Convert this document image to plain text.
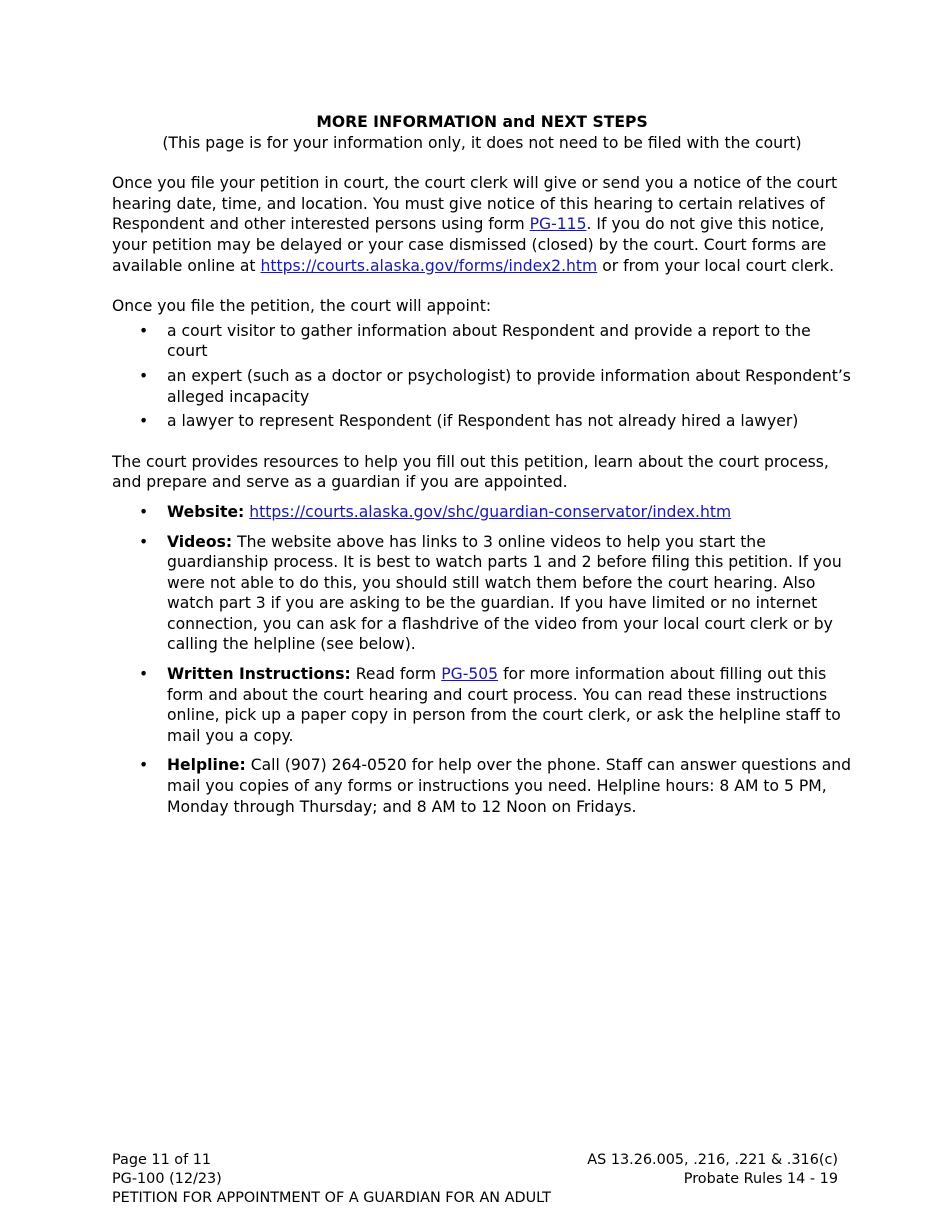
MORE INFORMATION and NEXT STEPS

(This page is for your information only, it does not need to be filed with the court)

Once you file your petition in court, the court clerk will give or send you a notice of the court hearing date, time, and location. You must give notice of this hearing to certain relatives of Respondent and other interested persons using form PG-115. If you do not give this notice, your petition may be delayed or your case dismissed (closed) by the court. Court forms are available online at https://courts.alaska.gov/forms/index2.htm or from your local court clerk.

Once you file the petition, the court will appoint:

• a court visitor to gather information about Respondent and provide a report to the court
• an expert (such as a doctor or psychologist) to provide information about Respondent’s alleged incapacity
• a lawyer to represent Respondent (if Respondent has not already hired a lawyer)

The court provides resources to help you fill out this petition, learn about the court process, and prepare and serve as a guardian if you are appointed.

• Website: https://courts.alaska.gov/shc/guardian-conservator/index.htm
• Videos: The website above has links to 3 online videos to help you start the guardianship process. It is best to watch parts 1 and 2 before filing this petition. If you were not able to do this, you should still watch them before the court hearing. Also watch part 3 if you are asking to be the guardian. If you have limited or no internet connection, you can ask for a flashdrive of the video from your local court clerk or by calling the helpline (see below).
• Written Instructions: Read form PG-505 for more information about filling out this form and about the court hearing and court process. You can read these instructions online, pick up a paper copy in person from the court clerk, or ask the helpline staff to mail you a copy.
• Helpline: Call (907) 264-0520 for help over the phone. Staff can answer questions and mail you copies of any forms or instructions you need. Helpline hours: 8 AM to 5 PM, Monday through Thursday; and 8 AM to 12 Noon on Fridays.
Page 11 of 11	AS 13.26.005, .216, .221 & .316(c)
PG-100 (12/23)	Probate Rules 14 - 19
PETITION FOR APPOINTMENT OF A GUARDIAN FOR AN ADULT
